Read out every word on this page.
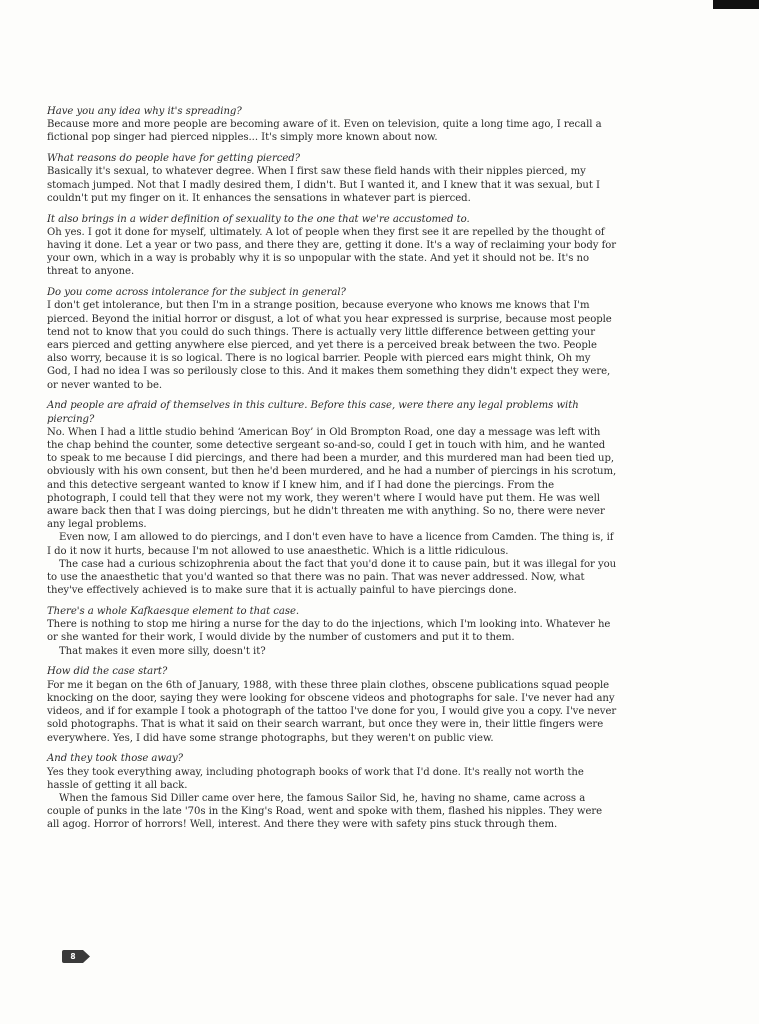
Have you any idea why it's spreading?

Because more and more people are becoming aware of it. Even on television, quite a long time ago, I recall a fictional pop singer had pierced nipples... It's simply more known about now.

What reasons do people have for getting pierced?

Basically it's sexual, to whatever degree. When I first saw these field hands with their nipples pierced, my stomach jumped. Not that I madly desired them, I didn't. But I wanted it, and I knew that it was sexual, but I couldn't put my finger on it. It enhances the sensations in whatever part is pierced.

It also brings in a wider definition of sexuality to the one that we're accustomed to.

Oh yes. I got it done for myself, ultimately. A lot of people when they first see it are repelled by the thought of having it done. Let a year or two pass, and there they are, getting it done. It's a way of reclaiming your body for your own, which in a way is probably why it is so unpopular with the state. And yet it should not be. It's no threat to anyone.

Do you come across intolerance for the subject in general?

I don't get intolerance, but then I'm in a strange position, because everyone who knows me knows that I'm pierced. Beyond the initial horror or disgust, a lot of what you hear expressed is surprise, because most people tend not to know that you could do such things. There is actually very little difference between getting your ears pierced and getting anywhere else pierced, and yet there is a perceived break between the two. People also worry, because it is so logical. There is no logical barrier. People with pierced ears might think, Oh my God, I had no idea I was so perilously close to this. And it makes them something they didn't expect they were, or never wanted to be.

And people are afraid of themselves in this culture. Before this case, were there any legal problems with piercing?

No. When I had a little studio behind ‘American Boy’ in Old Brompton Road, one day a message was left with the chap behind the counter, some detective sergeant so-and-so, could I get in touch with him, and he wanted to speak to me because I did piercings, and there had been a murder, and this murdered man had been tied up, obviously with his own consent, but then he'd been murdered, and he had a number of piercings in his scrotum, and this detective sergeant wanted to know if I knew him, and if I had done the piercings. From the photograph, I could tell that they were not my work, they weren't where I would have put them. He was well aware back then that I was doing piercings, but he didn't threaten me with anything. So no, there were never any legal problems.

Even now, I am allowed to do piercings, and I don't even have to have a licence from Camden. The thing is, if I do it now it hurts, because I'm not allowed to use anaesthetic. Which is a little ridiculous.

The case had a curious schizophrenia about the fact that you'd done it to cause pain, but it was illegal for you to use the anaesthetic that you'd wanted so that there was no pain. That was never addressed. Now, what they've effectively achieved is to make sure that it is actually painful to have piercings done.

There's a whole Kafkaesque element to that case.

There is nothing to stop me hiring a nurse for the day to do the injections, which I'm looking into. Whatever he or she wanted for their work, I would divide by the number of customers and put it to them.

That makes it even more silly, doesn't it?

How did the case start?

For me it began on the 6th of January, 1988, with these three plain clothes, obscene publications squad people knocking on the door, saying they were looking for obscene videos and photographs for sale. I've never had any videos, and if for example I took a photograph of the tattoo I've done for you, I would give you a copy. I've never sold photographs. That is what it said on their search warrant, but once they were in, their little fingers were everywhere. Yes, I did have some strange photographs, but they weren't on public view.

And they took those away?

Yes they took everything away, including photograph books of work that I'd done. It's really not worth the hassle of getting it all back.

When the famous Sid Diller came over here, the famous Sailor Sid, he, having no shame, came across a couple of punks in the late '70s in the King's Road, went and spoke with them, flashed his nipples. They were all agog. Horror of horrors! Well, interest. And there they were with safety pins stuck through them.

8
